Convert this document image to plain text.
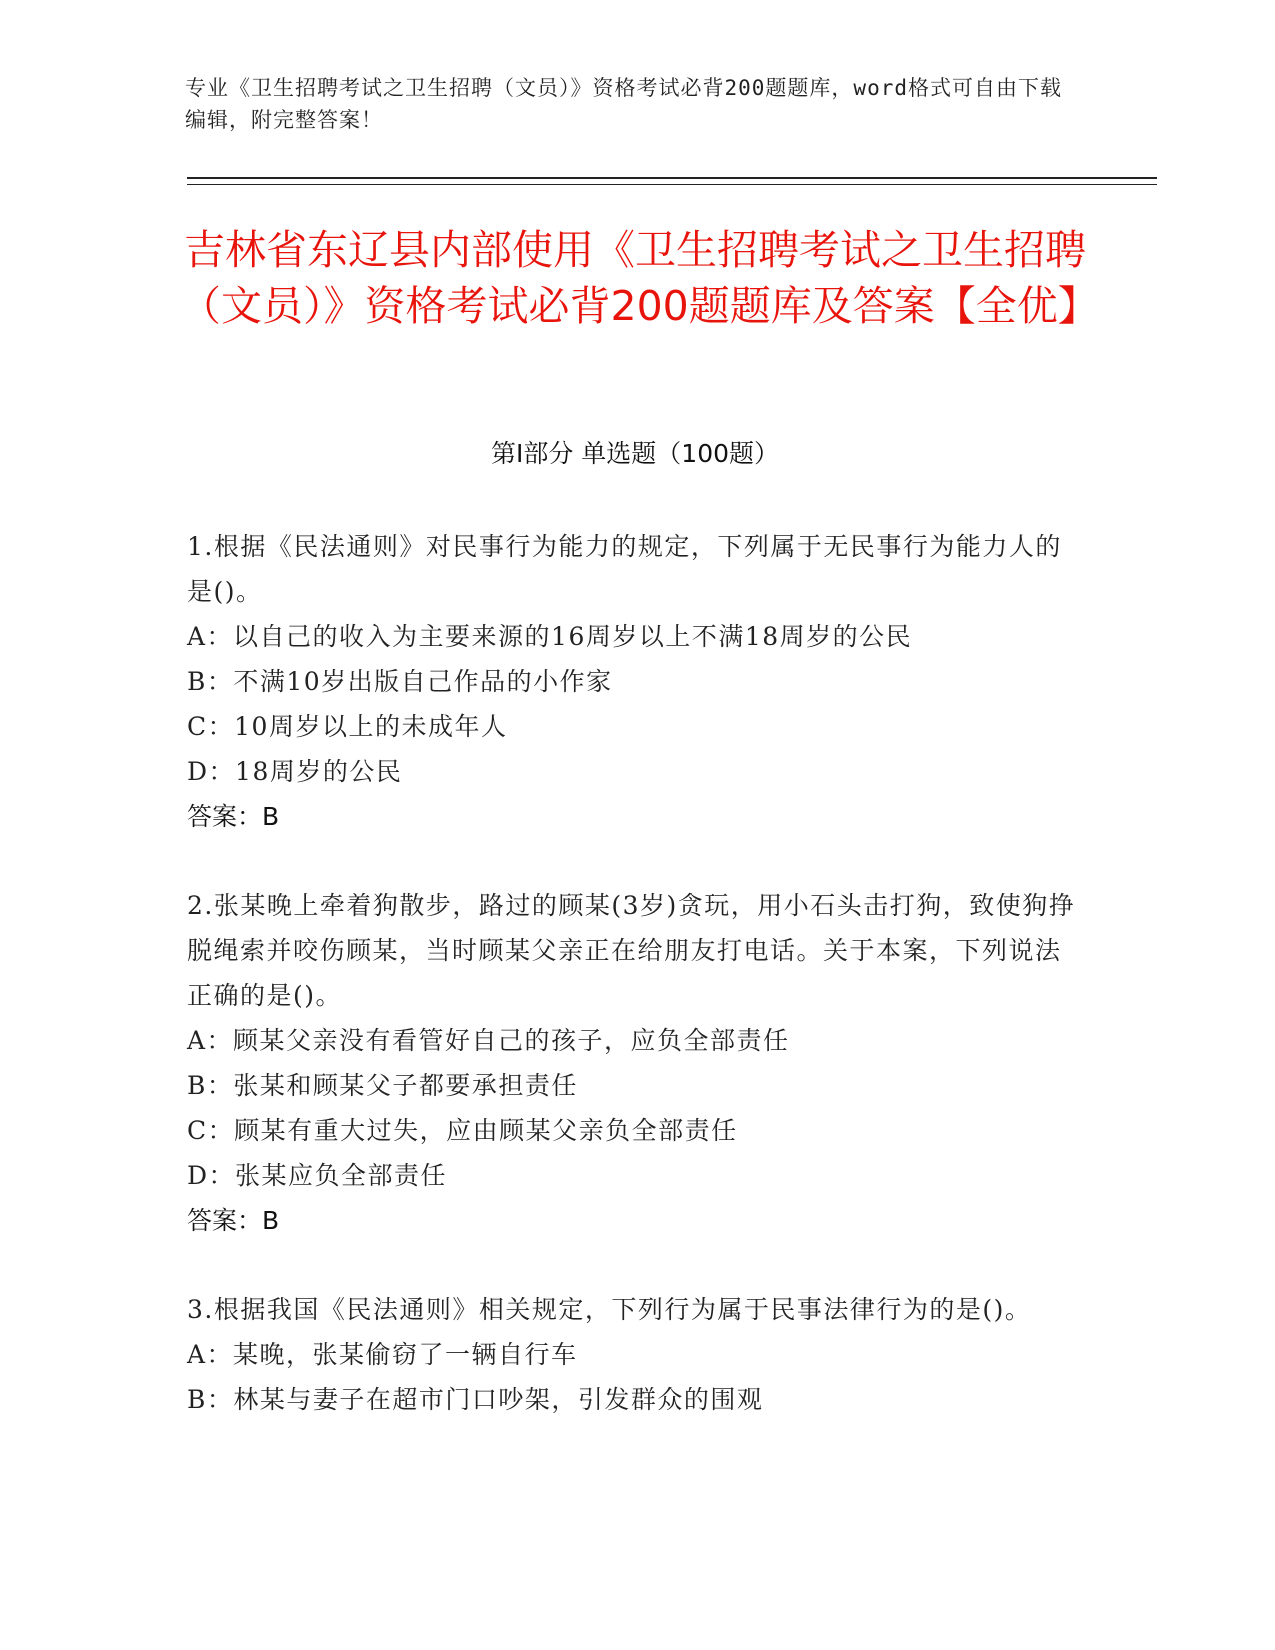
专业《卫生招聘考试之卫生招聘（文员）》资格考试必背200题题库，word格式可自由下载编辑，附完整答案！
吉林省东辽县内部使用《卫生招聘考试之卫生招聘（文员）》资格考试必背200题题库及答案【全优】
第Ⅰ部分 单选题（100题）
1.根据《民法通则》对民事行为能力的规定，下列属于无民事行为能力人的是()。
A：以自己的收入为主要来源的16周岁以上不满18周岁的公民
B：不满10岁出版自己作品的小作家
C：10周岁以上的未成年人
D：18周岁的公民
答案：B
2.张某晚上牵着狗散步，路过的顾某(3岁)贪玩，用小石头击打狗，致使狗挣脱绳索并咬伤顾某，当时顾某父亲正在给朋友打电话。关于本案，下列说法正确的是()。
A：顾某父亲没有看管好自己的孩子，应负全部责任
B：张某和顾某父子都要承担责任
C：顾某有重大过失，应由顾某父亲负全部责任
D：张某应负全部责任
答案：B
3.根据我国《民法通则》相关规定，下列行为属于民事法律行为的是()。
A：某晚，张某偷窃了一辆自行车
B：林某与妻子在超市门口吵架，引发群众的围观
